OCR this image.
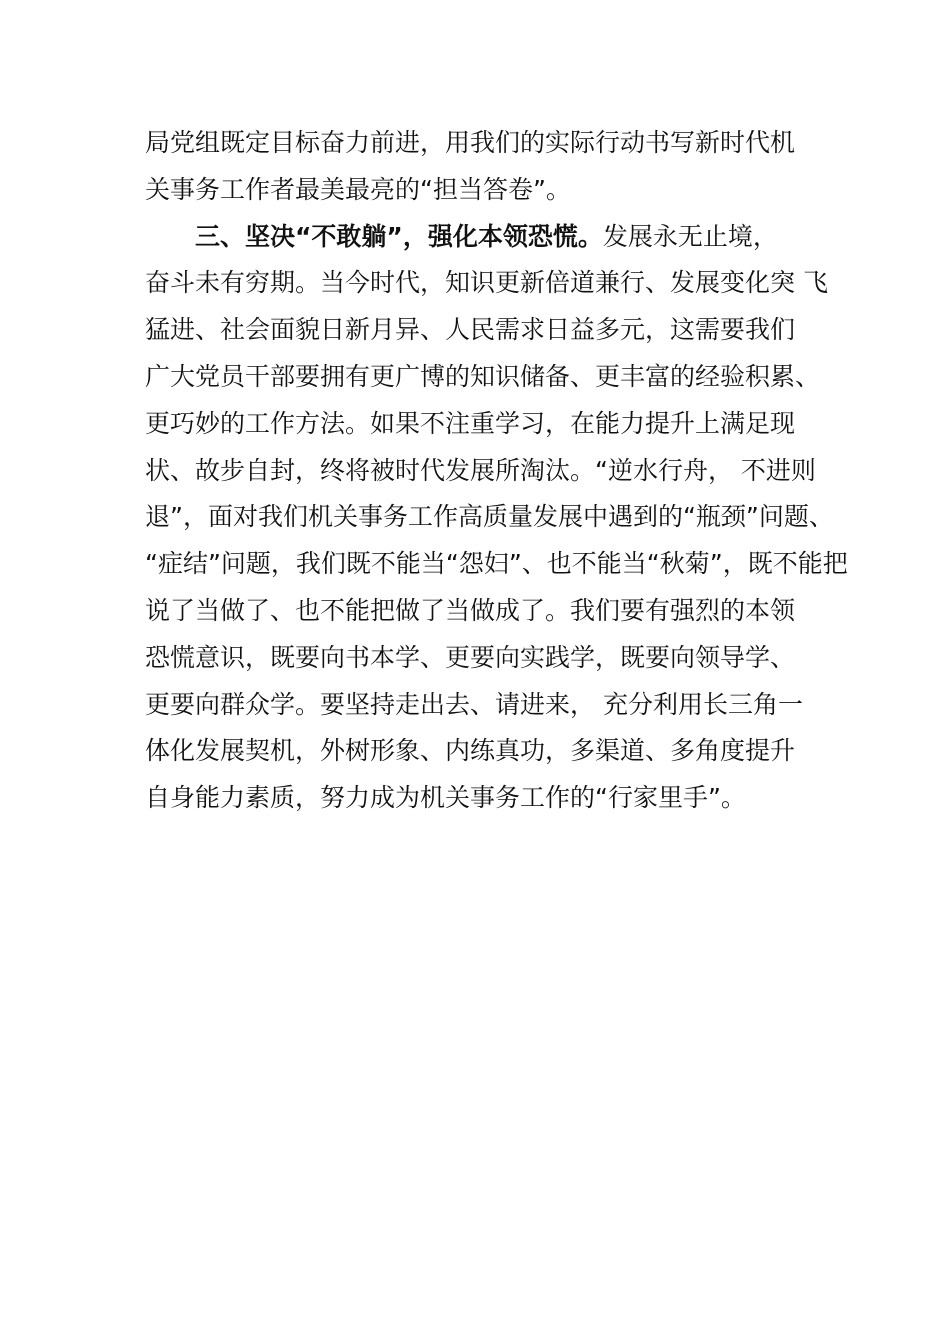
局党组既定目标奋力前进，用我们的实际行动书写新时代机
关事务工作者最美最亮的“担当答卷”。
三、坚决“不敢躺”，强化本领恐慌。发展永无止境，
奋斗未有穷期。当今时代，知识更新倍道兼行、发展变化突 飞
猛进、社会面貌日新月异、人民需求日益多元，这需要我们
广大党员干部要拥有更广博的知识储备、更丰富的经验积累、
更巧妙的工作方法。如果不注重学习，在能力提升上满足现
状、故步自封，终将被时代发展所淘汰。“逆水行舟， 不进则
退”，面对我们机关事务工作高质量发展中遇到的“瓶颈”问题、
“症结”问题，我们既不能当“怨妇”、也不能当“秋菊”，既不能把
说了当做了、也不能把做了当做成了。我们要有强烈的本领
恐慌意识，既要向书本学、更要向实践学，既要向领导学、
更要向群众学。要坚持走出去、请进来， 充分利用长三角一
体化发展契机，外树形象、内练真功，多渠道、多角度提升
自身能力素质，努力成为机关事务工作的“行家里手”。
